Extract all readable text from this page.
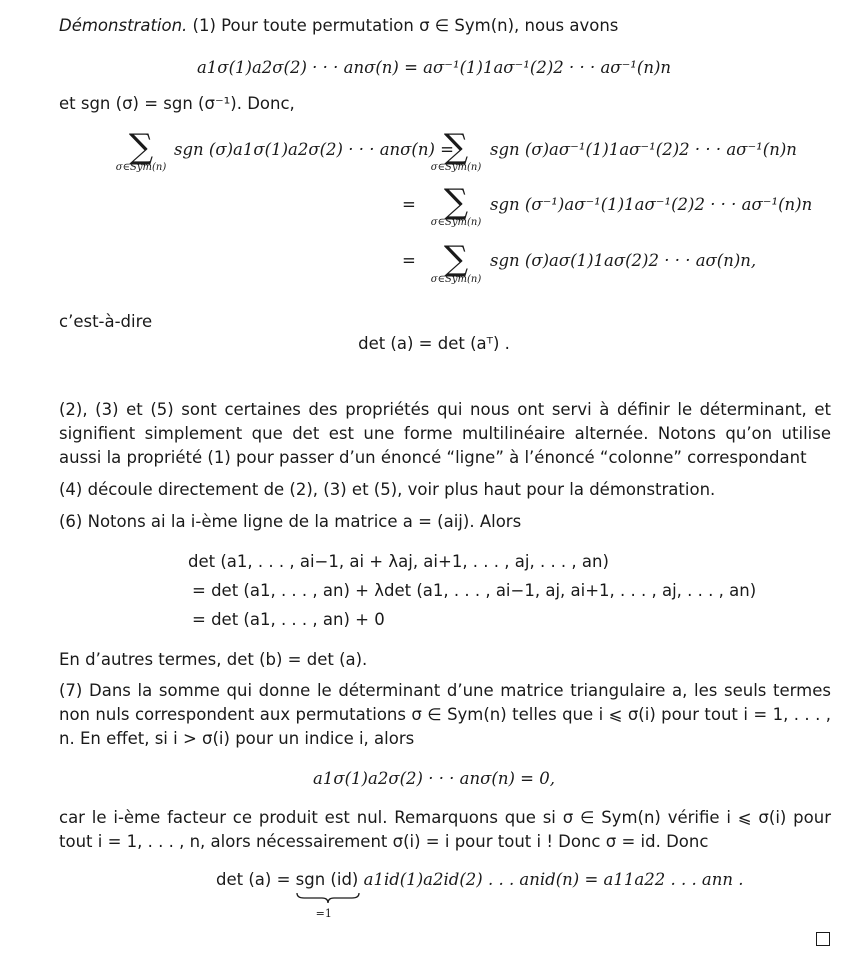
Démonstration. (1) Pour toute permutation σ ∈ Sym(n), nous avons
a1σ(1)a2σ(2) · · · anσ(n) = aσ⁻¹(1)1aσ⁻¹(2)2 · · · aσ⁻¹(n)n
et sgn (σ) = sgn (σ⁻¹). Donc,
∑
σ∈Sym(n)
sgn (σ)a1σ(1)a2σ(2) · · · anσ(n) =
∑
σ∈Sym(n)
sgn (σ)aσ⁻¹(1)1aσ⁻¹(2)2 · · · aσ⁻¹(n)n
= ∑
σ∈Sym(n)
sgn (σ⁻¹)aσ⁻¹(1)1aσ⁻¹(2)2 · · · aσ⁻¹(n)n
= ∑
σ∈Sym(n)
sgn (σ)aσ(1)1aσ(2)2 · · · aσ(n)n,
c’est-à-dire
det (a) = det (aᵀ) .
(2), (3) et (5) sont certaines des propriétés qui nous ont servi à définir le déterminant, et signifient simplement que det est une forme multilinéaire alternée. Notons qu’on utilise aussi la propriété (1) pour passer d’un énoncé “ligne” à l’énoncé “colonne” correspondant
(4) découle directement de (2), (3) et (5), voir plus haut pour la démonstration.
(6) Notons ai la i-ème ligne de la matrice a = (aij). Alors
det (a1, . . . , ai−1, ai + λaj, ai+1, . . . , aj, . . . , an)
= det (a1, . . . , an) + λdet (a1, . . . , ai−1, aj, ai+1, . . . , aj, . . . , an)
= det (a1, . . . , an) + 0
En d’autres termes, det (b) = det (a).
(7) Dans la somme qui donne le déterminant d’une matrice triangulaire a, les seuls termes non nuls correspondent aux permutations σ ∈ Sym(n) telles que i ⩽ σ(i) pour tout i = 1, . . . , n. En effet, si i > σ(i) pour un indice i, alors
a1σ(1)a2σ(2) · · · anσ(n) = 0,
car le i-ème facteur ce produit est nul. Remarquons que si σ ∈ Sym(n) vérifie i ⩽ σ(i) pour tout i = 1, . . . , n, alors nécessairement σ(i) = i pour tout i ! Donc σ = id. Donc
det (a) = sgn (id)
=1
a1id(1)a2id(2) . . . anid(n) = a11a22 . . . ann .
